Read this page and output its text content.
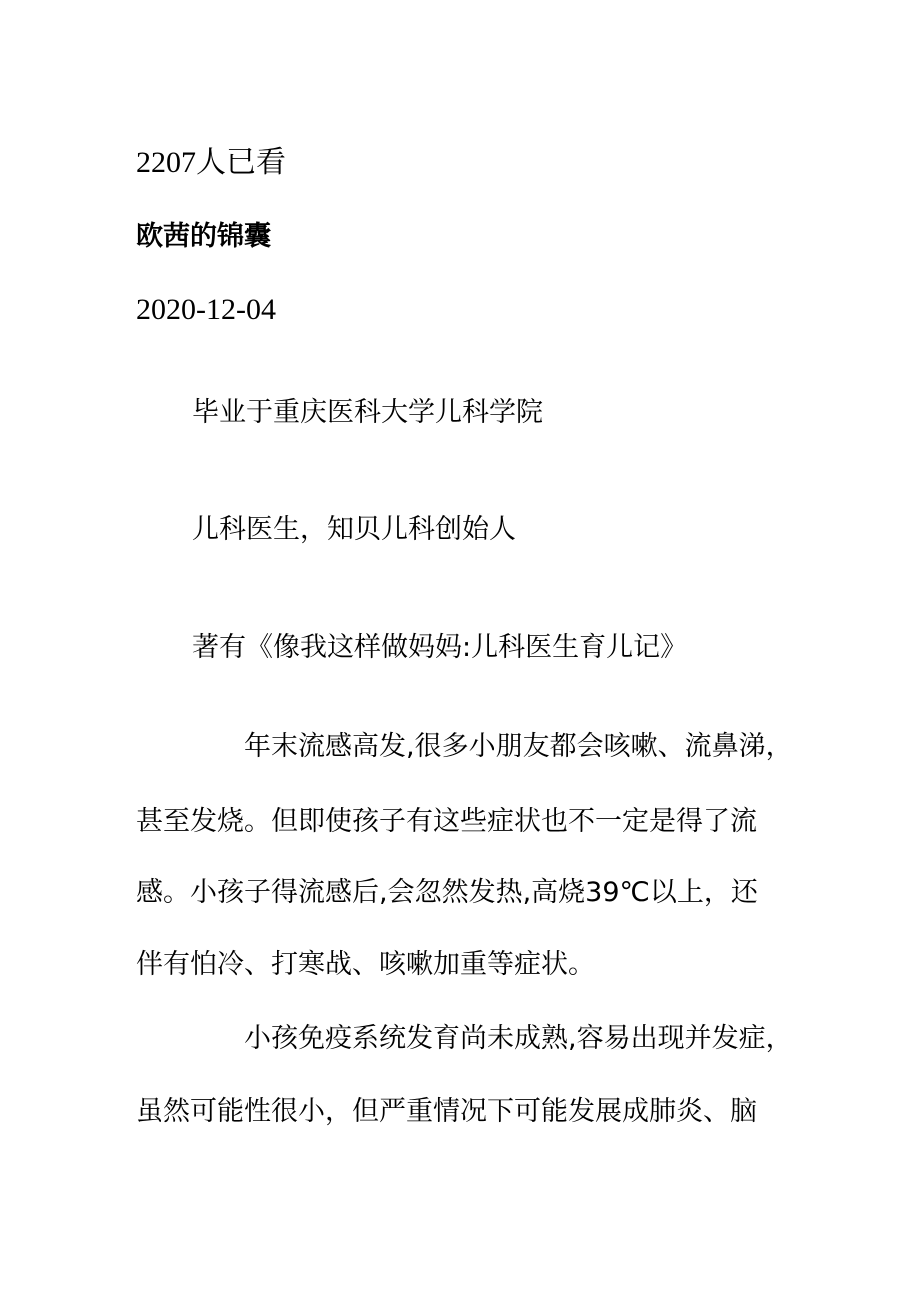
2207人已看
欧茜的锦囊
2020-12-04
毕业于重庆医科大学儿科学院
儿科医生，知贝儿科创始人
著有《像我这样做妈妈:儿科医生育儿记》
年末流感高发,很多小朋友都会咳嗽、流鼻涕，
甚至发烧。但即使孩子有这些症状也不一定是得了流
感。小孩子得流感后,会忽然发热,高烧39℃以上，还
伴有怕冷、打寒战、咳嗽加重等症状。
小孩免疫系统发育尚未成熟,容易出现并发症，
虽然可能性很小，但严重情况下可能发展成肺炎、脑
